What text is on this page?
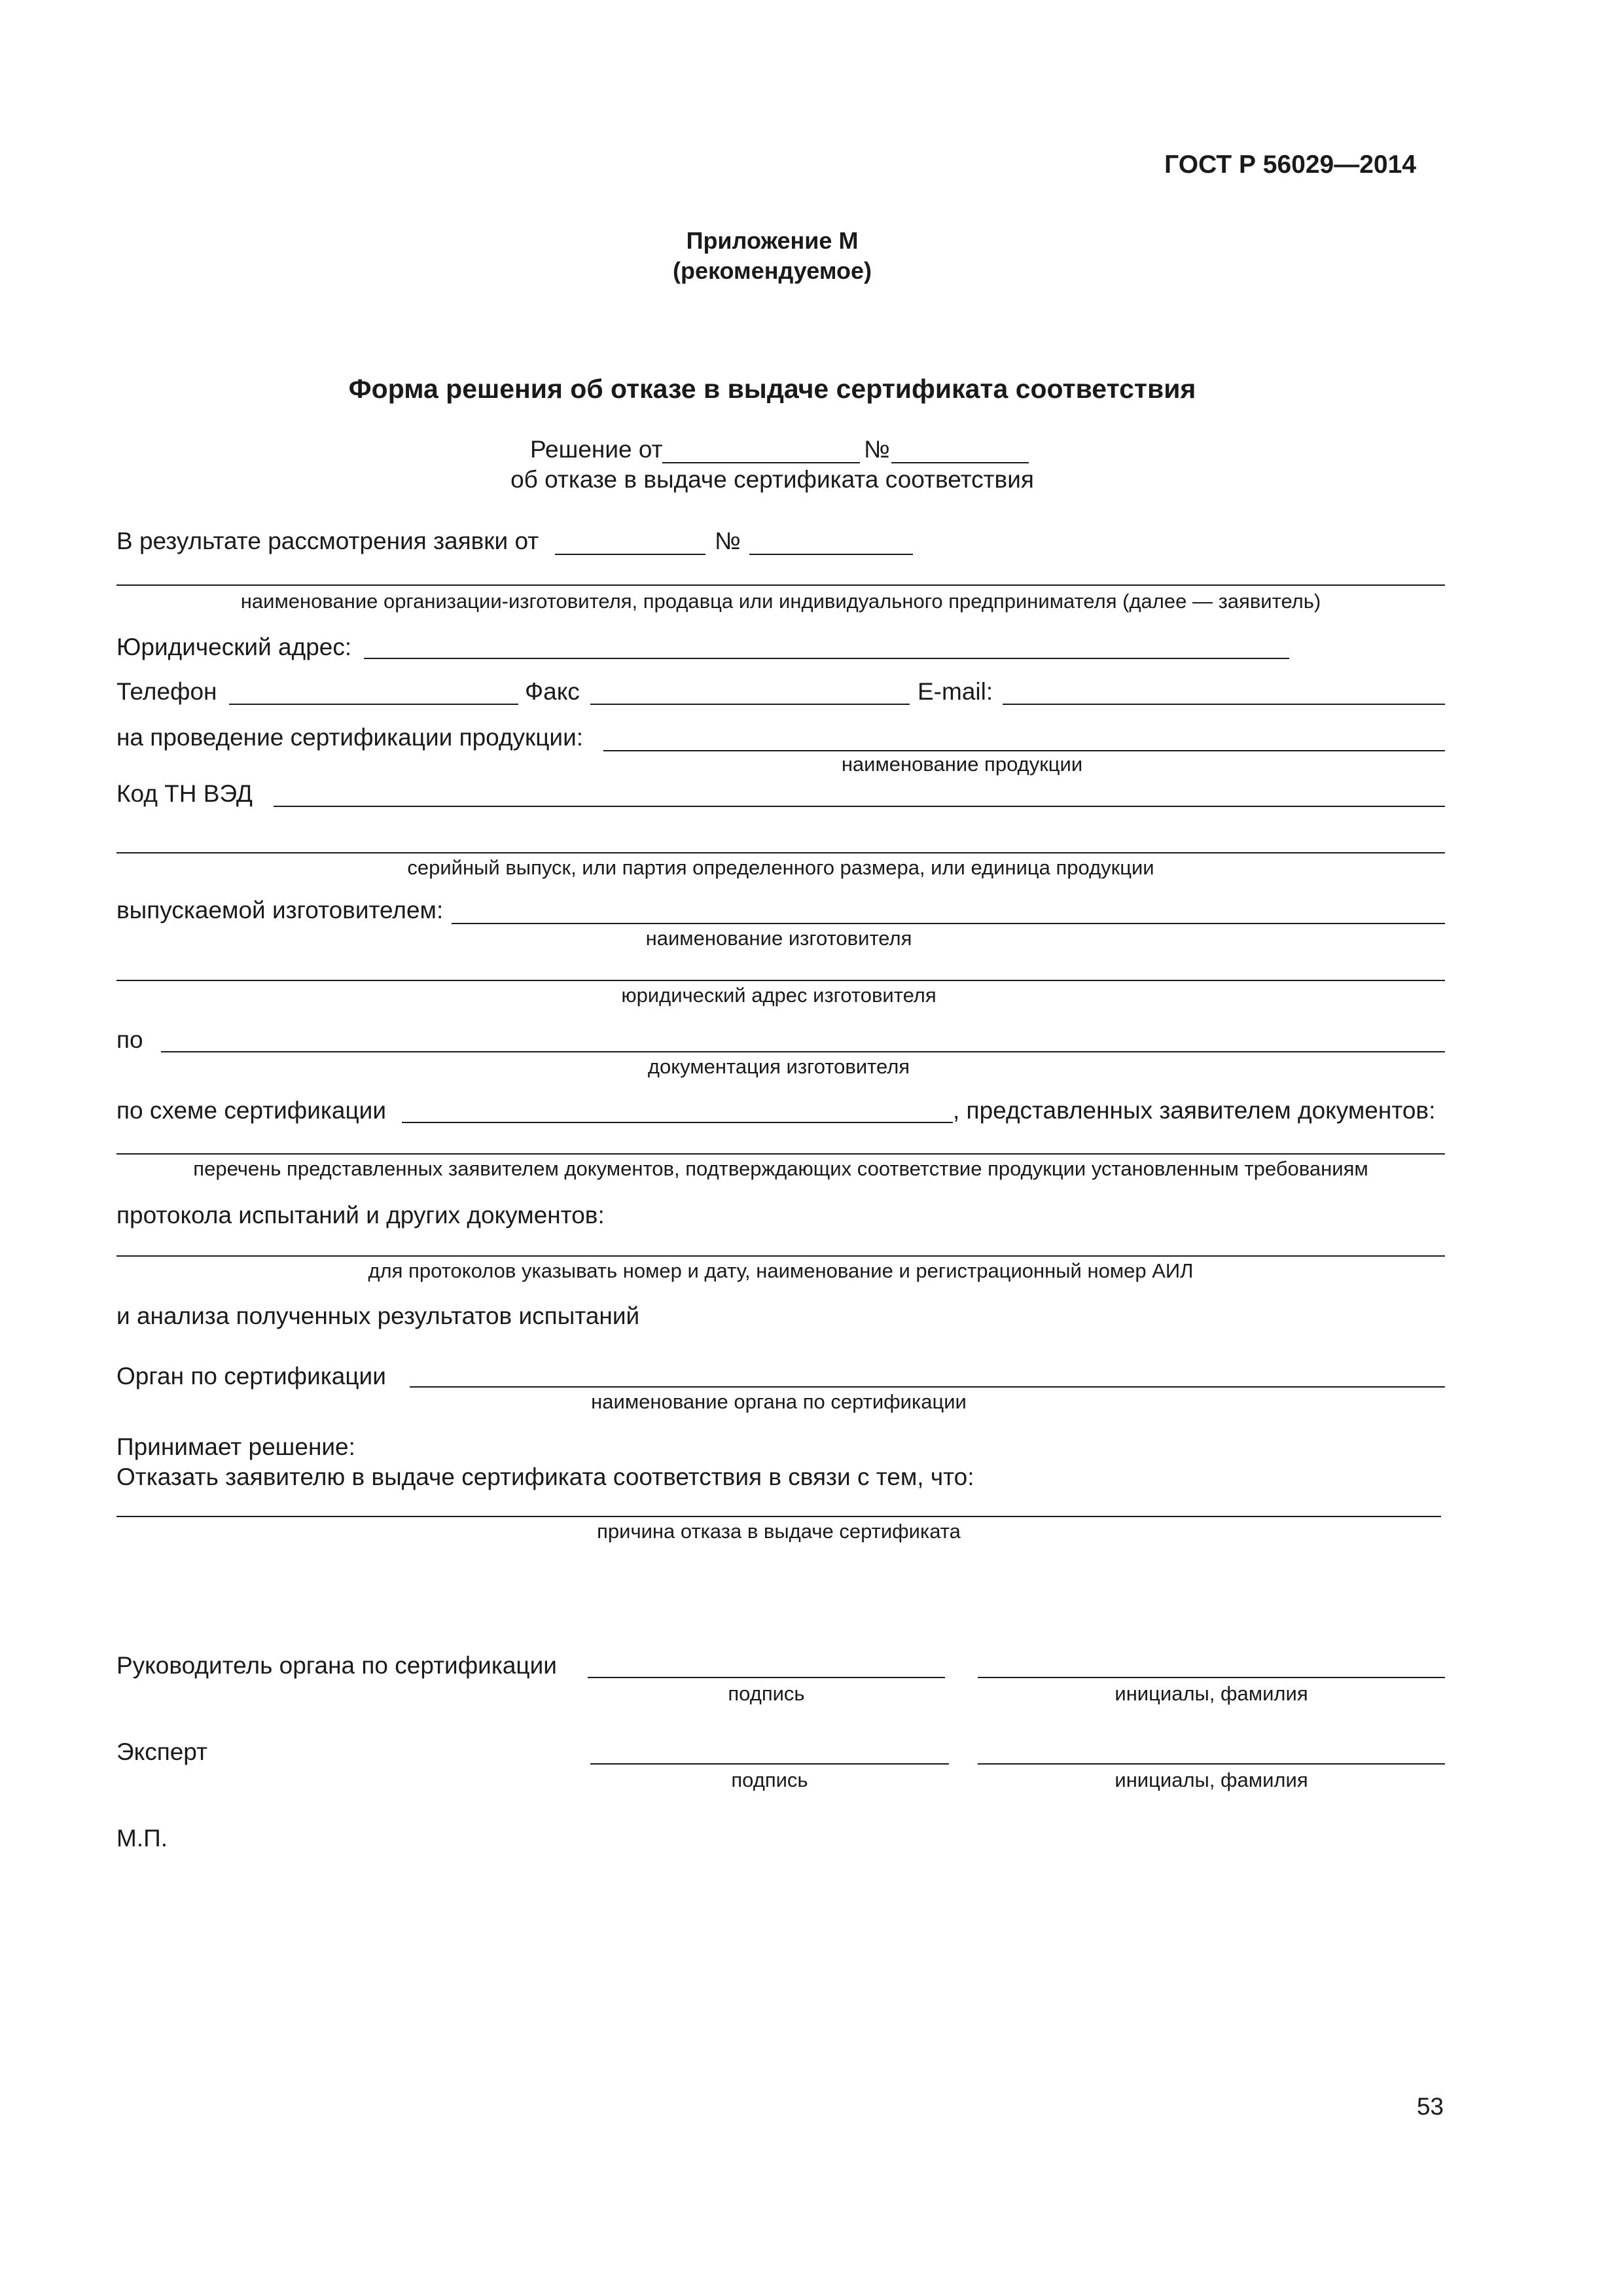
ГОСТ Р 56029—2014
Приложение М
(рекомендуемое)
Форма решения об отказе в выдаче сертификата соответствия
Решение от	№
об отказе в выдаче сертификата соответствия
В результате рассмотрения заявки от	№
наименование организации-изготовителя, продавца или индивидуального предпринимателя (далее — заявитель)
Юридический адрес:
Телефон	Факс	E-mail:
на проведение сертификации продукции:
наименование продукции
Код ТН ВЭД
серийный выпуск, или партия определенного размера, или единица продукции
выпускаемой изготовителем:
наименование изготовителя
юридический адрес изготовителя
по
документация изготовителя
по схеме сертификации	, представленных заявителем документов:
перечень представленных заявителем документов, подтверждающих соответствие продукции установленным требованиям
протокола испытаний и других документов:
для протоколов указывать номер и дату, наименование и регистрационный номер АИЛ
и анализа полученных результатов испытаний
Орган по сертификации
наименование органа по сертификации
Принимает решение:
Отказать заявителю в выдаче сертификата соответствия в связи с тем, что:
причина отказа в выдаче сертификата
Руководитель органа по сертификации
подпись	инициалы, фамилия
Эксперт
подпись	инициалы, фамилия
М.П.
53
